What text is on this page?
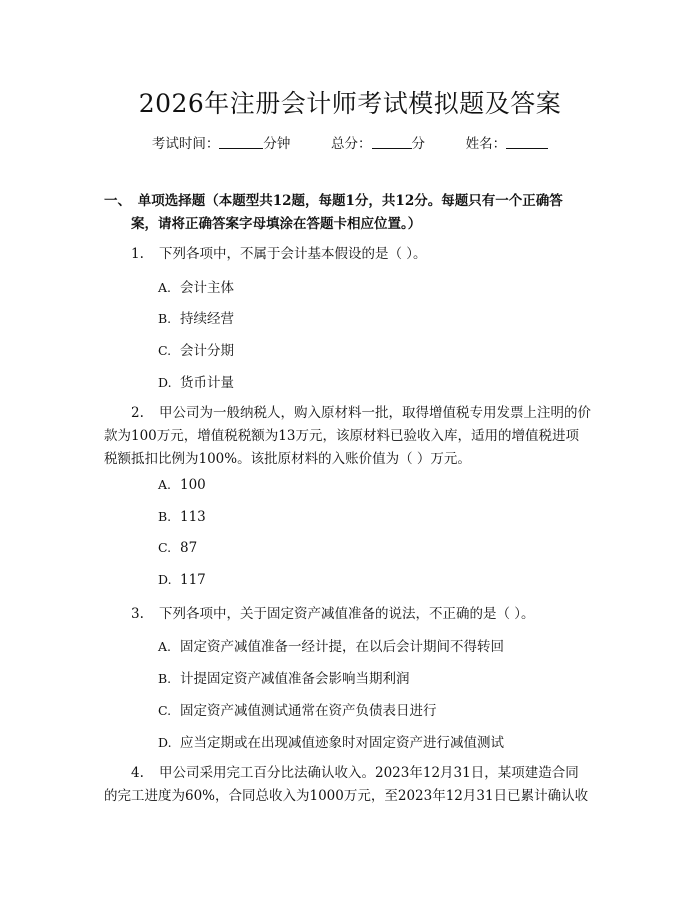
2026年注册会计师考试模拟题及答案
考试时间：	分钟	总分：	分	姓名：
一、　单项选择题（本题型共12题，每题1分，共12分。每题只有一个正确答
案，请将正确答案字母填涂在答题卡相应位置。）
1. 下列各项中，不属于会计基本假设的是（ ）。
A. 会计主体
B. 持续经营
C. 会计分期
D. 货币计量
2. 甲公司为一般纳税人，购入原材料一批，取得增值税专用发票上注明的价
款为100万元，增值税税额为13万元，该原材料已验收入库，适用的增值税进项
税额抵扣比例为100%。该批原材料的入账价值为（ ）万元。
A. 100
B. 113
C. 87
D. 117
3. 下列各项中，关于固定资产减值准备的说法，不正确的是（ ）。
A. 固定资产减值准备一经计提，在以后会计期间不得转回
B. 计提固定资产减值准备会影响当期利润
C. 固定资产减值测试通常在资产负债表日进行
D. 应当定期或在出现减值迹象时对固定资产进行减值测试
4. 甲公司采用完工百分比法确认收入。2023年12月31日，某项建造合同
的完工进度为60%，合同总收入为1000万元，至2023年12月31日已累计确认收
